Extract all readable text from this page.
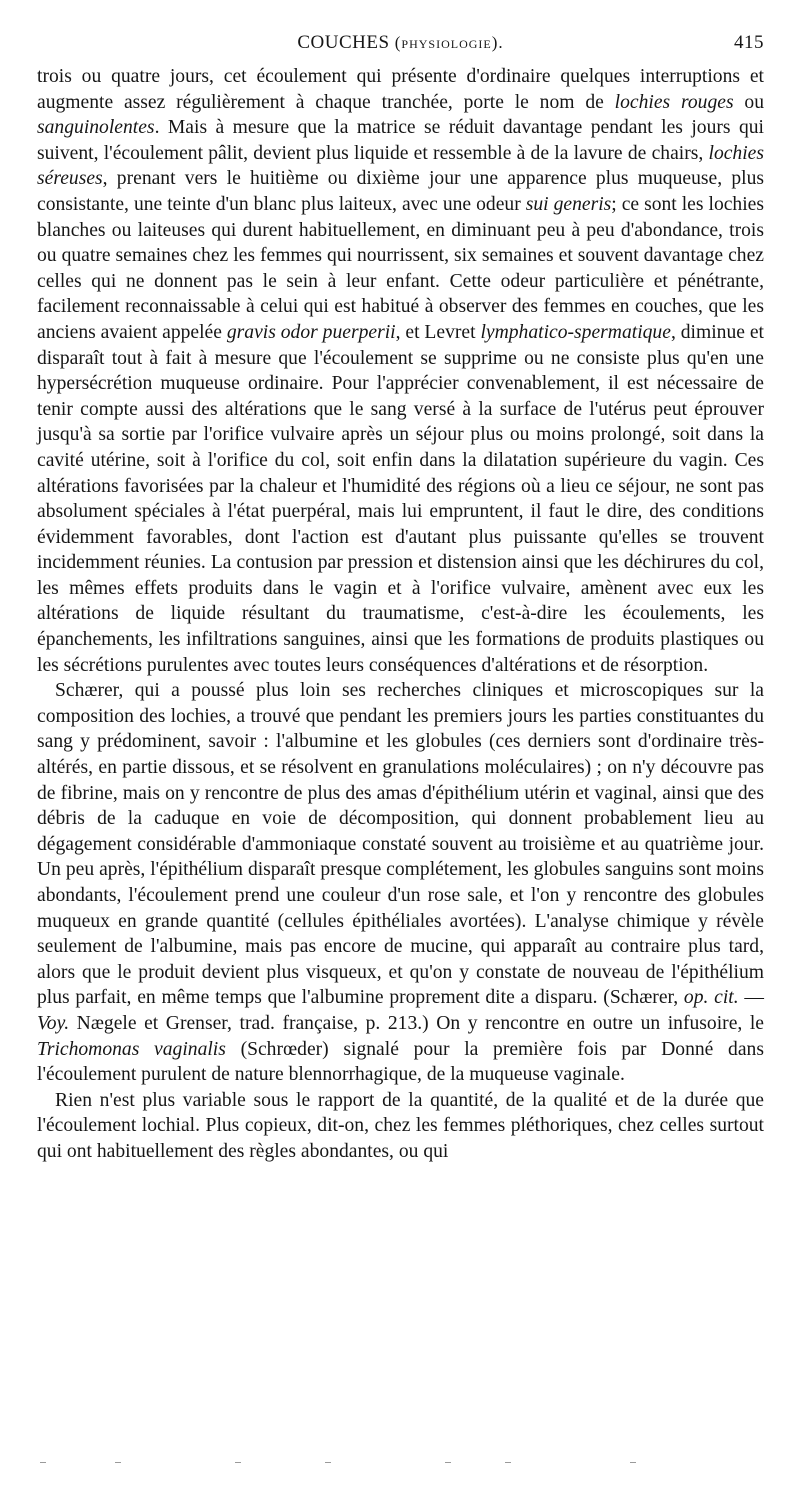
COUCHES (physiologie).	415

trois ou quatre jours, cet écoulement qui présente d'ordinaire quelques interruptions et augmente assez régulièrement à chaque tranchée, porte le nom de lochies rouges ou sanguinolentes. Mais à mesure que la matrice se réduit davantage pendant les jours qui suivent, l'écoulement pâlit, devient plus liquide et ressemble à de la lavure de chairs, lochies séreuses, prenant vers le huitième ou dixième jour une apparence plus muqueuse, plus consistante, une teinte d'un blanc plus laiteux, avec une odeur sui generis; ce sont les lochies blanches ou laiteuses qui durent habituellement, en diminuant peu à peu d'abondance, trois ou quatre semaines chez les femmes qui nourrissent, six semaines et souvent davantage chez celles qui ne donnent pas le sein à leur enfant. Cette odeur particulière et pénétrante, facilement reconnaissable à celui qui est habitué à observer des femmes en couches, que les anciens avaient appelée gravis odor puerperii, et Levret lymphatico-spermatique, diminue et disparaît tout à fait à mesure que l'écoulement se supprime ou ne consiste plus qu'en une hypersécrétion muqueuse ordinaire. Pour l'apprécier convenablement, il est nécessaire de tenir compte aussi des altérations que le sang versé à la surface de l'utérus peut éprouver jusqu'à sa sortie par l'orifice vulvaire après un séjour plus ou moins prolongé, soit dans la cavité utérine, soit à l'orifice du col, soit enfin dans la dilatation supérieure du vagin. Ces altérations favorisées par la chaleur et l'humidité des régions où a lieu ce séjour, ne sont pas absolument spéciales à l'état puerpéral, mais lui empruntent, il faut le dire, des conditions évidemment favorables, dont l'action est d'autant plus puissante qu'elles se trouvent incidemment réunies. La contusion par pression et distension ainsi que les déchirures du col, les mêmes effets produits dans le vagin et à l'orifice vulvaire, amènent avec eux les altérations de liquide résultant du traumatisme, c'est-à-dire les écoulements, les épanchements, les infiltrations sanguines, ainsi que les formations de produits plastiques ou les sécrétions purulentes avec toutes leurs conséquences d'altérations et de résorption.

Schærer, qui a poussé plus loin ses recherches cliniques et microscopiques sur la composition des lochies, a trouvé que pendant les premiers jours les parties constituantes du sang y prédominent, savoir : l'albumine et les globules (ces derniers sont d'ordinaire très-altérés, en partie dissous, et se résolvent en granulations moléculaires) ; on n'y découvre pas de fibrine, mais on y rencontre de plus des amas d'épithélium utérin et vaginal, ainsi que des débris de la caduque en voie de décomposition, qui donnent probablement lieu au dégagement considérable d'ammoniaque constaté souvent au troisième et au quatrième jour. Un peu après, l'épithélium disparaît presque complétement, les globules sanguins sont moins abondants, l'écoulement prend une couleur d'un rose sale, et l'on y rencontre des globules muqueux en grande quantité (cellules épithéliales avortées). L'analyse chimique y révèle seulement de l'albumine, mais pas encore de mucine, qui apparaît au contraire plus tard, alors que le produit devient plus visqueux, et qu'on y constate de nouveau de l'épithélium plus parfait, en même temps que l'albumine proprement dite a disparu. (Schærer, op. cit. — Voy. Nægele et Grenser, trad. française, p. 213.) On y rencontre en outre un infusoire, le Trichomonas vaginalis (Schrœder) signalé pour la première fois par Donné dans l'écoulement purulent de nature blennorrhagique, de la muqueuse vaginale.

Rien n'est plus variable sous le rapport de la quantité, de la qualité et de la durée que l'écoulement lochial. Plus copieux, dit-on, chez les femmes pléthoriques, chez celles surtout qui ont habituellement des règles abondantes, ou qui
